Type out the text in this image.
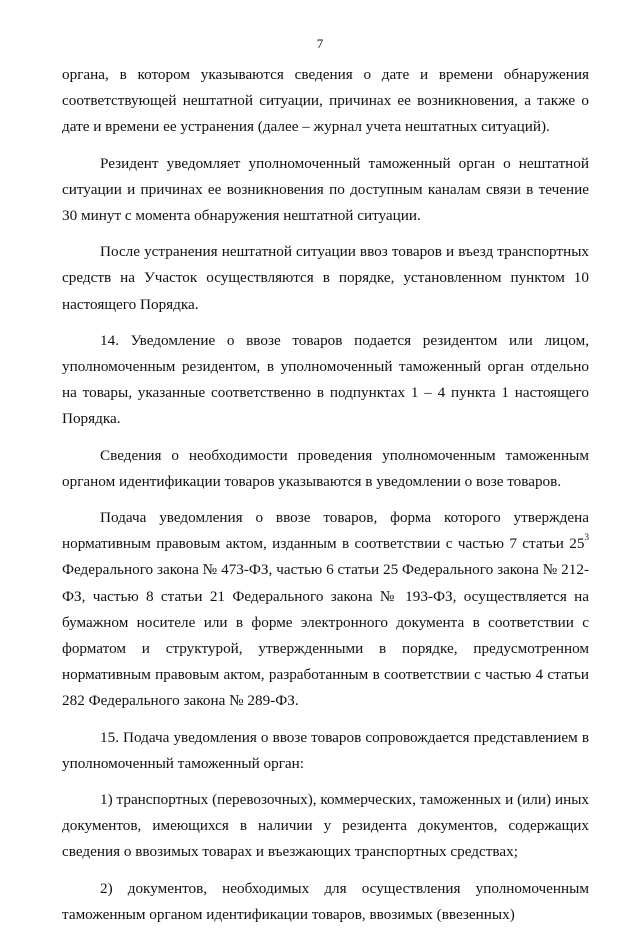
7

органа, в котором указываются сведения о дате и времени обнаружения соответствующей нештатной ситуации, причинах ее возникновения, а также о дате и времени ее устранения (далее – журнал учета нештатных ситуаций).

Резидент уведомляет уполномоченный таможенный орган о нештатной ситуации и причинах ее возникновения по доступным каналам связи в течение 30 минут с момента обнаружения нештатной ситуации.

После устранения нештатной ситуации ввоз товаров и въезд транспортных средств на Участок осуществляются в порядке, установленном пунктом 10 настоящего Порядка.

14. Уведомление о ввозе товаров подается резидентом или лицом, уполномоченным резидентом, в уполномоченный таможенный орган отдельно на товары, указанные соответственно в подпунктах 1 – 4 пункта 1 настоящего Порядка.

Сведения о необходимости проведения уполномоченным таможенным органом идентификации товаров указываются в уведомлении о возе товаров.

Подача уведомления о ввозе товаров, форма которого утверждена нормативным правовым актом, изданным в соответствии с частью 7 статьи $25^3$ Федерального закона № 473-ФЗ, частью 6 статьи 25 Федерального закона № 212-ФЗ, частью 8 статьи 21 Федерального закона № 193-ФЗ, осуществляется на бумажном носителе или в форме электронного документа в соответствии с форматом и структурой, утвержденными в порядке, предусмотренном нормативным правовым актом, разработанным в соответствии с частью 4 статьи 282 Федерального закона № 289-ФЗ.

15. Подача уведомления о ввозе товаров сопровождается представлением в уполномоченный таможенный орган:

1) транспортных (перевозочных), коммерческих, таможенных и (или) иных документов, имеющихся в наличии у резидента документов, содержащих сведения о ввозимых товарах и въезжающих транспортных средствах;

2) документов, необходимых для осуществления уполномоченным таможенным органом идентификации товаров, ввозимых (ввезенных)
